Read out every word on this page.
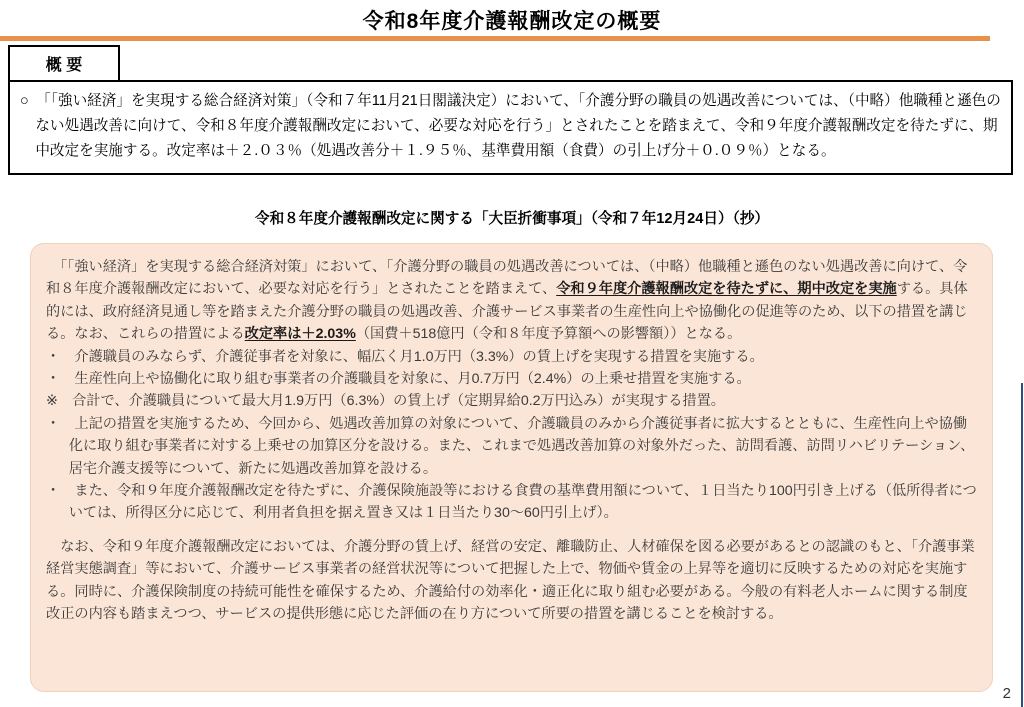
令和8年度介護報酬改定の概要
概 要

○　「「強い経済」を実現する総合経済対策」（令和７年11月21日閣議決定）において、「介護分野の職員の処遇改善については、（中略）他職種と遜色のない処遇改善に向けて、令和８年度介護報酬改定において、必要な対応を行う」とされたことを踏まえて、令和９年度介護報酬改定を待たずに、期中改定を実施する。改定率は＋２.０３％（処遇改善分＋１.９５％、基準費用額（食費）の引上げ分＋０.０９％）となる。

令和８年度介護報酬改定に関する「大臣折衝事項」（令和７年12月24日）（抄）

　「「強い経済」を実現する総合経済対策」において、「介護分野の職員の処遇改善については、（中略）他職種と遜色のない処遇改善に向けて、令和８年度介護報酬改定において、必要な対応を行う」とされたことを踏まえて、令和９年度介護報酬改定を待たずに、期中改定を実施する。具体的には、政府経済見通し等を踏まえた介護分野の職員の処遇改善、介護サービス事業者の生産性向上や協働化の促進等のため、以下の措置を講じる。なお、これらの措置による改定率は＋2.03%（国費＋518億円（令和８年度予算額への影響額））となる。

・　介護職員のみならず、介護従事者を対象に、幅広く月1.0万円（3.3%）の賃上げを実現する措置を実施する。

・　生産性向上や協働化に取り組む事業者の介護職員を対象に、月0.7万円（2.4%）の上乗せ措置を実施する。

※　合計で、介護職員について最大月1.9万円（6.3%）の賃上げ（定期昇給0.2万円込み）が実現する措置。

・　上記の措置を実施するため、今回から、処遇改善加算の対象について、介護職員のみから介護従事者に拡大するとともに、生産性向上や協働化に取り組む事業者に対する上乗せの加算区分を設ける。また、これまで処遇改善加算の対象外だった、訪問看護、訪問リハビリテーション、居宅介護支援等について、新たに処遇改善加算を設ける。

・　また、令和９年度介護報酬改定を待たずに、介護保険施設等における食費の基準費用額について、１日当たり100円引き上げる（低所得者については、所得区分に応じて、利用者負担を据え置き又は１日当たり30～60円引上げ）。

　なお、令和９年度介護報酬改定においては、介護分野の賃上げ、経営の安定、離職防止、人材確保を図る必要があるとの認識のもと、「介護事業経営実態調査」等において、介護サービス事業者の経営状況等について把握した上で、物価や賃金の上昇等を適切に反映するための対応を実施する。同時に、介護保険制度の持続可能性を確保するため、介護給付の効率化・適正化に取り組む必要がある。今般の有料老人ホームに関する制度改正の内容も踏まえつつ、サービスの提供形態に応じた評価の在り方について所要の措置を講じることを検討する。

2
